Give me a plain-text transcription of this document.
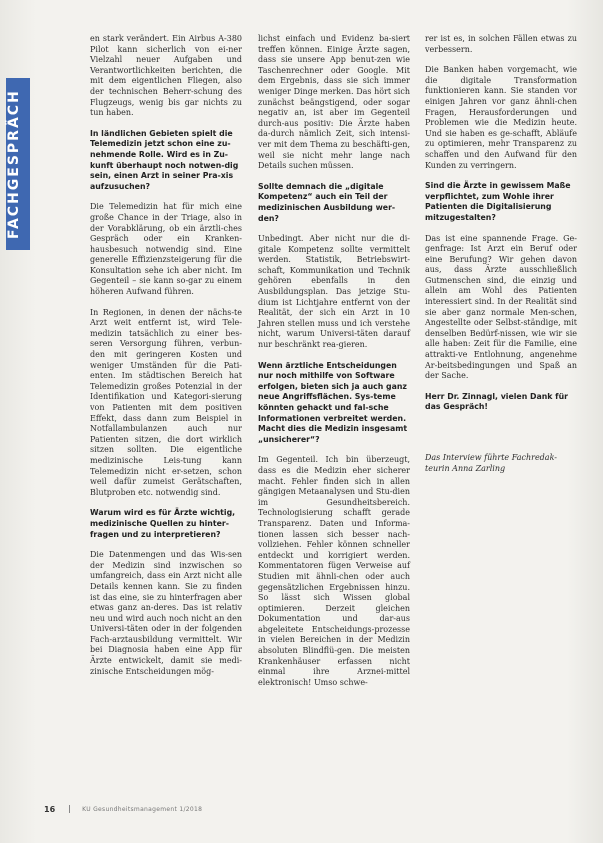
FACHGESPRÄCH

en stark verändert. Ein Airbus A-380 Pilot kann sicherlich von ei-ner Vielzahl neuer Aufgaben und Verantwortlichkeiten berichten, die mit dem eigentlichen Fliegen, also der technischen Beherr-schung des Flugzeugs, wenig bis gar nichts zu tun haben.

In ländlichen Gebieten spielt die Telemedizin jetzt schon eine zu-nehmende Rolle. Wird es in Zu-kunft überhaupt noch notwen-dig sein, einen Arzt in seiner Pra-xis aufzusuchen?

Die Telemedizin hat für mich eine große Chance in der Triage, also in der Vorabklärung, ob ein ärztli-ches Gespräch oder ein Kranken-hausbesuch notwendig sind. Eine generelle Effizienzsteigerung für die Konsultation sehe ich aber nicht. Im Gegenteil – sie kann so-gar zu einem höheren Aufwand führen.

In Regionen, in denen der nächs-te Arzt weit entfernt ist, wird Tele-medizin tatsächlich zu einer bes-seren Versorgung führen, verbun-den mit geringeren Kosten und weniger Umständen für die Pati-enten. Im städtischen Bereich hat Telemedizin großes Potenzial in der Identifikation und Kategori-sierung von Patienten mit dem positiven Effekt, dass dann zum Beispiel in Notfallambulanzen auch nur Patienten sitzen, die dort wirklich sitzen sollten. Die eigentliche medizinische Leis-tung kann Telemedizin nicht er-setzen, schon weil dafür zumeist Gerätschaften, Blutproben etc. notwendig sind.

Warum wird es für Ärzte wichtig, medizinische Quellen zu hinter-fragen und zu interpretieren?

Die Datenmengen und das Wis-sen der Medizin sind inzwischen so umfangreich, dass ein Arzt nicht alle Details kennen kann. Sie zu finden ist das eine, sie zu hinterfragen aber etwas ganz an-deres. Das ist relativ neu und wird auch noch nicht an den Universi-täten oder in der folgenden Fach-arztausbildung vermittelt. Wir bei Diagnosia haben eine App für Ärzte entwickelt, damit sie medi-zinische Entscheidungen mög-

lichst einfach und Evidenz ba-siert treffen können. Einige Ärzte sagen, dass sie unsere App benut-zen wie Taschenrechner oder Google. Mit dem Ergebnis, dass sie sich immer weniger Dinge merken. Das hört sich zunächst beängstigend, oder sogar negativ an, ist aber im Gegenteil durch-aus positiv: Die Ärzte haben da-durch nämlich Zeit, sich intensi-ver mit dem Thema zu beschäfti-gen, weil sie nicht mehr lange nach Details suchen müssen.

Sollte demnach die „digitale Kompetenz“ auch ein Teil der medizinischen Ausbildung wer-den?

Unbedingt. Aber nicht nur die di-gitale Kompetenz sollte vermittelt werden. Statistik, Betriebswirt-schaft, Kommunikation und Technik gehören ebenfalls in den Ausbildungsplan. Das jetzige Stu-dium ist Lichtjahre entfernt von der Realität, der sich ein Arzt in 10 Jahren stellen muss und ich verstehe nicht, warum Universi-täten darauf nur beschränkt rea-gieren.

Wenn ärztliche Entscheidungen nur noch mithilfe von Software erfolgen, bieten sich ja auch ganz neue Angriffsflächen. Sys-teme könnten gehackt und fal-sche Informationen verbreitet werden. Macht dies die Medizin insgesamt „unsicherer“?

Im Gegenteil. Ich bin überzeugt, dass es die Medizin eher sicherer macht. Fehler finden sich in allen gängigen Metaanalysen und Stu-dien im Gesundheitsbereich. Technologisierung schafft gerade Transparenz. Daten und Informa-tionen lassen sich besser nach-vollziehen. Fehler können schneller entdeckt und korrigiert werden. Kommentatoren fügen Verweise auf Studien mit ähnli-chen oder auch gegensätzlichen Ergebnissen hinzu. So lässt sich Wissen global optimieren. Derzeit gleichen Dokumentation und dar-aus abgeleitete Entscheidungs-prozesse in vielen Bereichen in der Medizin absoluten Blindflü-gen. Die meisten Krankenhäuser erfassen nicht einmal ihre Arznei-mittel elektronisch! Umso schwe-

rer ist es, in solchen Fällen etwas zu verbessern.

Die Banken haben vorgemacht, wie die digitale Transformation funktionieren kann. Sie standen vor einigen Jahren vor ganz ähnli-chen Fragen, Herausforderungen und Problemen wie die Medizin heute. Und sie haben es ge-schafft, Abläufe zu optimieren, mehr Transparenz zu schaffen und den Aufwand für den Kunden zu verringern.

Sind die Ärzte in gewissem Maße verpflichtet, zum Wohle ihrer Patienten die Digitalisierung mitzugestalten?

Das ist eine spannende Frage. Ge-genfrage: Ist Arzt ein Beruf oder eine Berufung? Wir gehen davon aus, dass Ärzte ausschließlich Gutmenschen sind, die einzig und allein am Wohl des Patienten interessiert sind. In der Realität sind sie aber ganz normale Men-schen, Angestellte oder Selbst-ständige, mit denselben Bedürf-nissen, wie wir sie alle haben: Zeit für die Familie, eine attrakti-ve Entlohnung, angenehme Ar-beitsbedingungen und Spaß an der Sache.

Herr Dr. Zinnagl, vielen Dank für das Gespräch!

Das Interview führte Fachredak-teurin Anna Zarling

16	KU Gesundheitsmanagement 1/2018
